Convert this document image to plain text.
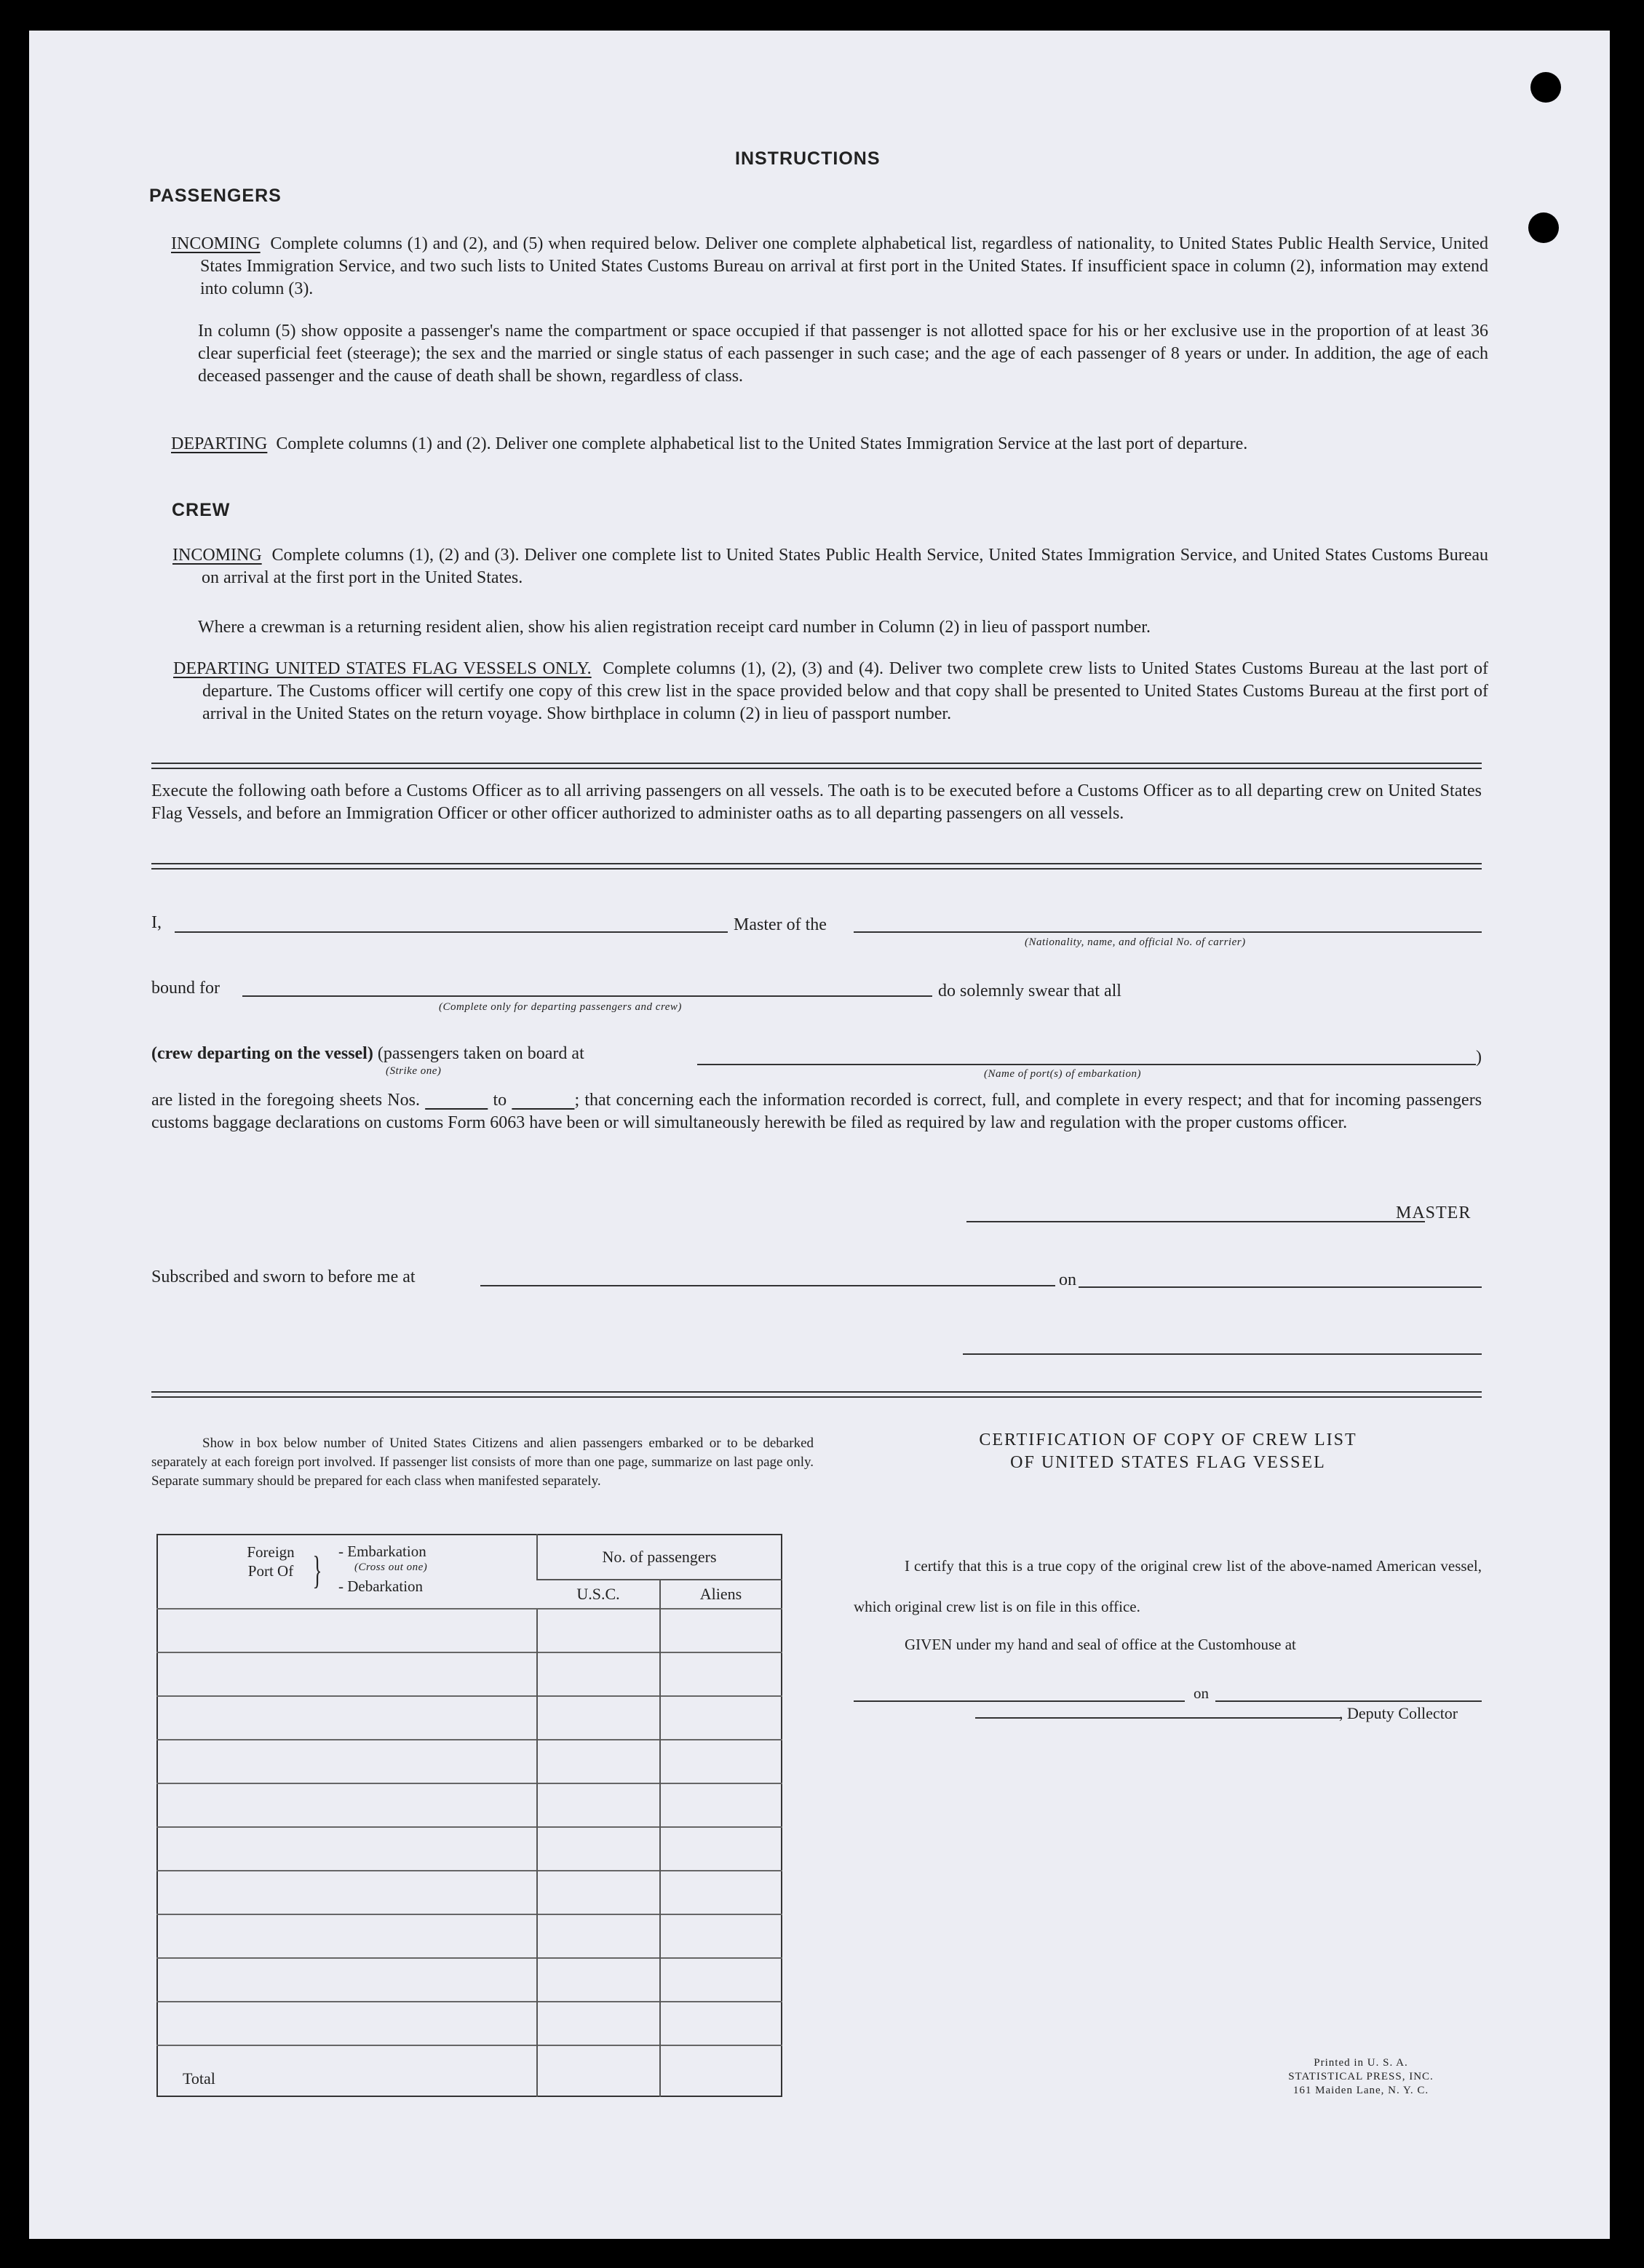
INSTRUCTIONS
PASSENGERS
INCOMING Complete columns (1) and (2), and (5) when required below. Deliver one complete alphabetical list, regardless of nationality, to United States Public Health Service, United States Immigration Service, and two such lists to United States Customs Bureau on arrival at first port in the United States. If insufficient space in column (2), information may extend into column (3).
In column (5) show opposite a passenger's name the compartment or space occupied if that passenger is not allotted space for his or her exclusive use in the proportion of at least 36 clear superficial feet (steerage); the sex and the married or single status of each passenger in such case; and the age of each passenger of 8 years or under. In addition, the age of each deceased passenger and the cause of death shall be shown, regardless of class.
DEPARTING Complete columns (1) and (2). Deliver one complete alphabetical list to the United States Immigration Service at the last port of departure.
CREW
INCOMING Complete columns (1), (2) and (3). Deliver one complete list to United States Public Health Service, United States Immigration Service, and United States Customs Bureau on arrival at the first port in the United States.
Where a crewman is a returning resident alien, show his alien registration receipt card number in Column (2) in lieu of passport number.
DEPARTING UNITED STATES FLAG VESSELS ONLY. Complete columns (1), (2), (3) and (4). Deliver two complete crew lists to United States Customs Bureau at the last port of departure. The Customs officer will certify one copy of this crew list in the space provided below and that copy shall be presented to United States Customs Bureau at the first port of arrival in the United States on the return voyage. Show birthplace in column (2) in lieu of passport number.
Execute the following oath before a Customs Officer as to all arriving passengers on all vessels. The oath is to be executed before a Customs Officer as to all departing crew on United States Flag Vessels, and before an Immigration Officer or other officer authorized to administer oaths as to all departing passengers on all vessels.
I,	Master of the
(Nationality, name, and official No. of carrier)
bound for
(Complete only for departing passengers and crew)
do solemnly swear that all
(crew departing on the vessel) (passengers taken on board at
(Strike one)
)
(Name of port(s) of embarkation)
are listed in the foregoing sheets Nos.	to	; that concerning each the information recorded is correct, full, and complete in every respect; and that for incoming passengers customs baggage declarations on customs Form 6063 have been or will simultaneously herewith be filed as required by law and regulation with the proper customs officer.
MASTER
Subscribed and sworn to before me at	on
Show in box below number of United States Citizens and alien passengers embarked or to be debarked separately at each foreign port involved. If passenger list consists of more than one page, summarize on last page only. Separate summary should be prepared for each class when manifested separately.
Foreign Port Of } - Embarkation
(Cross out one)
- Debarkation	No. of passengers	
	U.S.C.	Aliens

Total		
CERTIFICATION OF COPY OF CREW LIST
OF UNITED STATES FLAG VESSEL
I certify that this is a true copy of the original crew list of the above-named American vessel, which original crew list is on file in this office.
GIVEN under my hand and seal of office at the Customhouse at
on
, Deputy Collector
Printed in U. S. A.
STATISTICAL PRESS, INC.
161 Maiden Lane, N. Y. C.
